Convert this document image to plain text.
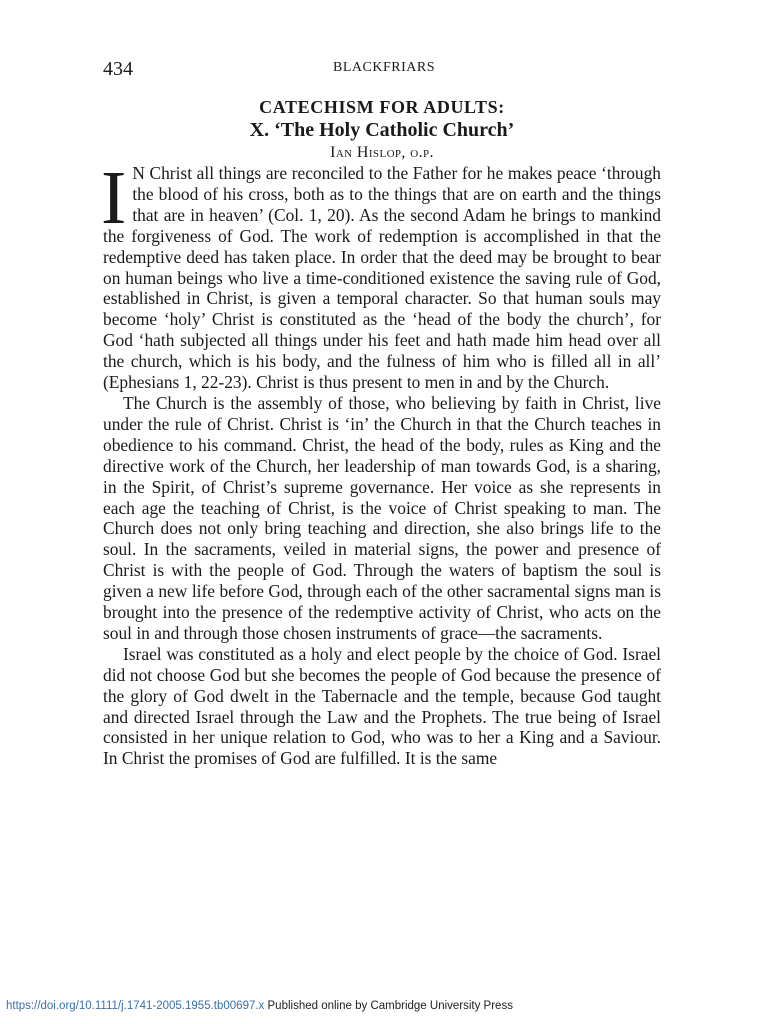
434	BLACKFRIARS
CATECHISM FOR ADULTS:
X. ‘The Holy Catholic Church’
Ian Hislop, o.p.

I N Christ all things are reconciled to the Father for he makes peace ‘through the blood of his cross, both as to the things that are on earth and the things that are in heaven’ (Col. 1, 20). As the second Adam he brings to mankind the forgiveness of God. The work of redemption is accomplished in that the redemptive deed has taken place. In order that the deed may be brought to bear on human beings who live a time-conditioned existence the saving rule of God, established in Christ, is given a temporal character. So that human souls may become ‘holy’ Christ is constituted as the ‘head of the body the church’, for God ‘hath subjected all things under his feet and hath made him head over all the church, which is his body, and the fulness of him who is filled all in all’ (Ephesians 1, 22-23). Christ is thus present to men in and by the Church.

The Church is the assembly of those, who believing by faith in Christ, live under the rule of Christ. Christ is ‘in’ the Church in that the Church teaches in obedience to his command. Christ, the head of the body, rules as King and the directive work of the Church, her leadership of man towards God, is a sharing, in the Spirit, of Christ’s supreme governance. Her voice as she represents in each age the teaching of Christ, is the voice of Christ speaking to man. The Church does not only bring teaching and direction, she also brings life to the soul. In the sacraments, veiled in material signs, the power and presence of Christ is with the people of God. Through the waters of baptism the soul is given a new life before God, through each of the other sacramental signs man is brought into the presence of the redemptive activity of Christ, who acts on the soul in and through those chosen instruments of grace—the sacraments.

Israel was constituted as a holy and elect people by the choice of God. Israel did not choose God but she becomes the people of God because the presence of the glory of God dwelt in the Tabernacle and the temple, because God taught and directed Israel through the Law and the Prophets. The true being of Israel consisted in her unique relation to God, who was to her a King and a Saviour. In Christ the promises of God are fulfilled. It is the same

https://doi.org/10.1111/j.1741-2005.1955.tb00697.x Published online by Cambridge University Press
